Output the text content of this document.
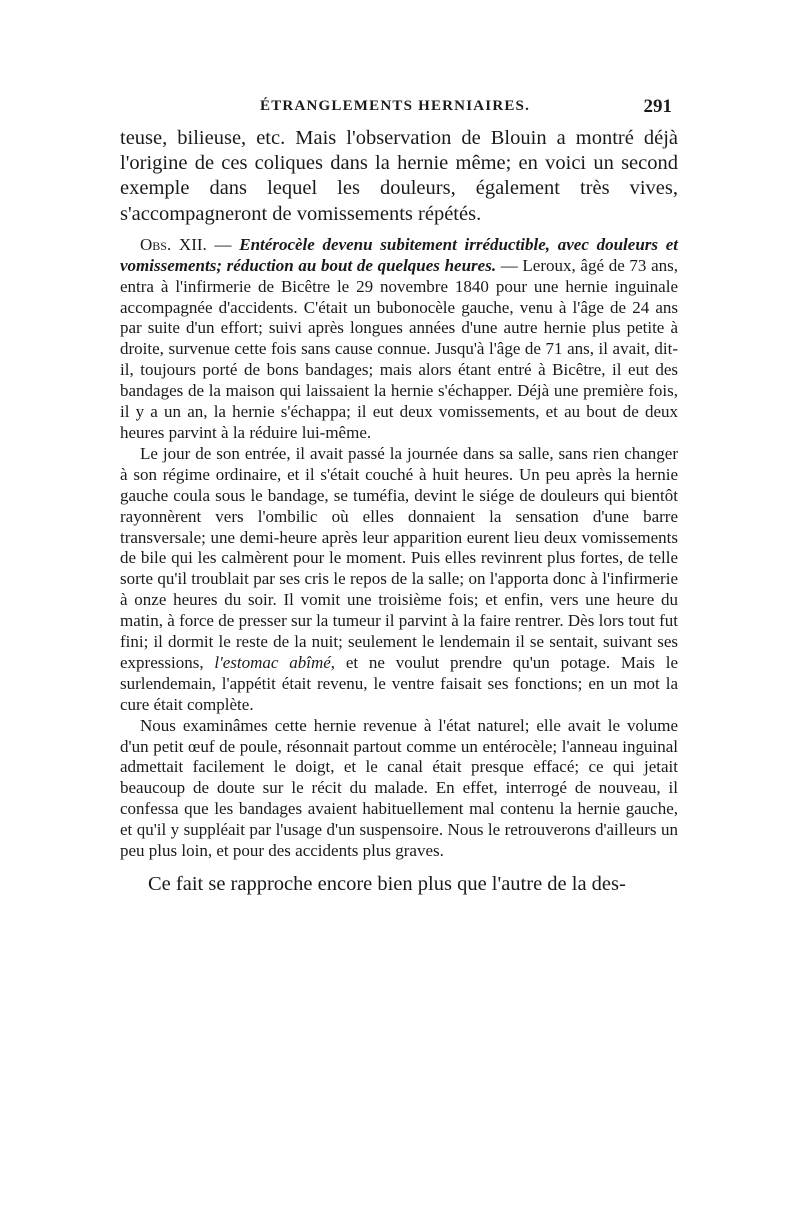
ÉTRANGLEMENTS HERNIAIRES.	291

teuse, bilieuse, etc. Mais l'observation de Blouin a montré déjà l'origine de ces coliques dans la hernie même; en voici un second exemple dans lequel les douleurs, également très vives, s'accompagneront de vomissements répétés.

Obs. XII. — Entérocèle devenu subitement irréductible, avec douleurs et vomissements; réduction au bout de quelques heures. — Leroux, âgé de 73 ans, entra à l'infirmerie de Bicêtre le 29 novembre 1840 pour une hernie inguinale accompagnée d'accidents. C'était un bubonocèle gauche, venu à l'âge de 24 ans par suite d'un effort; suivi après longues années d'une autre hernie plus petite à droite, survenue cette fois sans cause connue. Jusqu'à l'âge de 71 ans, il avait, dit-il, toujours porté de bons bandages; mais alors étant entré à Bicêtre, il eut des bandages de la maison qui laissaient la hernie s'échapper. Déjà une première fois, il y a un an, la hernie s'échappa; il eut deux vomissements, et au bout de deux heures parvint à la réduire lui-même.

Le jour de son entrée, il avait passé la journée dans sa salle, sans rien changer à son régime ordinaire, et il s'était couché à huit heures. Un peu après la hernie gauche coula sous le bandage, se tuméfia, devint le siége de douleurs qui bientôt rayonnèrent vers l'ombilic où elles donnaient la sensation d'une barre transversale; une demi-heure après leur apparition eurent lieu deux vomissements de bile qui les calmèrent pour le moment. Puis elles revinrent plus fortes, de telle sorte qu'il troublait par ses cris le repos de la salle; on l'apporta donc à l'infirmerie à onze heures du soir. Il vomit une troisième fois; et enfin, vers une heure du matin, à force de presser sur la tumeur il parvint à la faire rentrer. Dès lors tout fut fini; il dormit le reste de la nuit; seulement le lendemain il se sentait, suivant ses expressions, l'estomac abîmé, et ne voulut prendre qu'un potage. Mais le surlendemain, l'appétit était revenu, le ventre faisait ses fonctions; en un mot la cure était complète.

Nous examinâmes cette hernie revenue à l'état naturel; elle avait le volume d'un petit œuf de poule, résonnait partout comme un entérocèle; l'anneau inguinal admettait facilement le doigt, et le canal était presque effacé; ce qui jetait beaucoup de doute sur le récit du malade. En effet, interrogé de nouveau, il confessa que les bandages avaient habituellement mal contenu la hernie gauche, et qu'il y suppléait par l'usage d'un suspensoire. Nous le retrouverons d'ailleurs un peu plus loin, et pour des accidents plus graves.

Ce fait se rapproche encore bien plus que l'autre de la des-
